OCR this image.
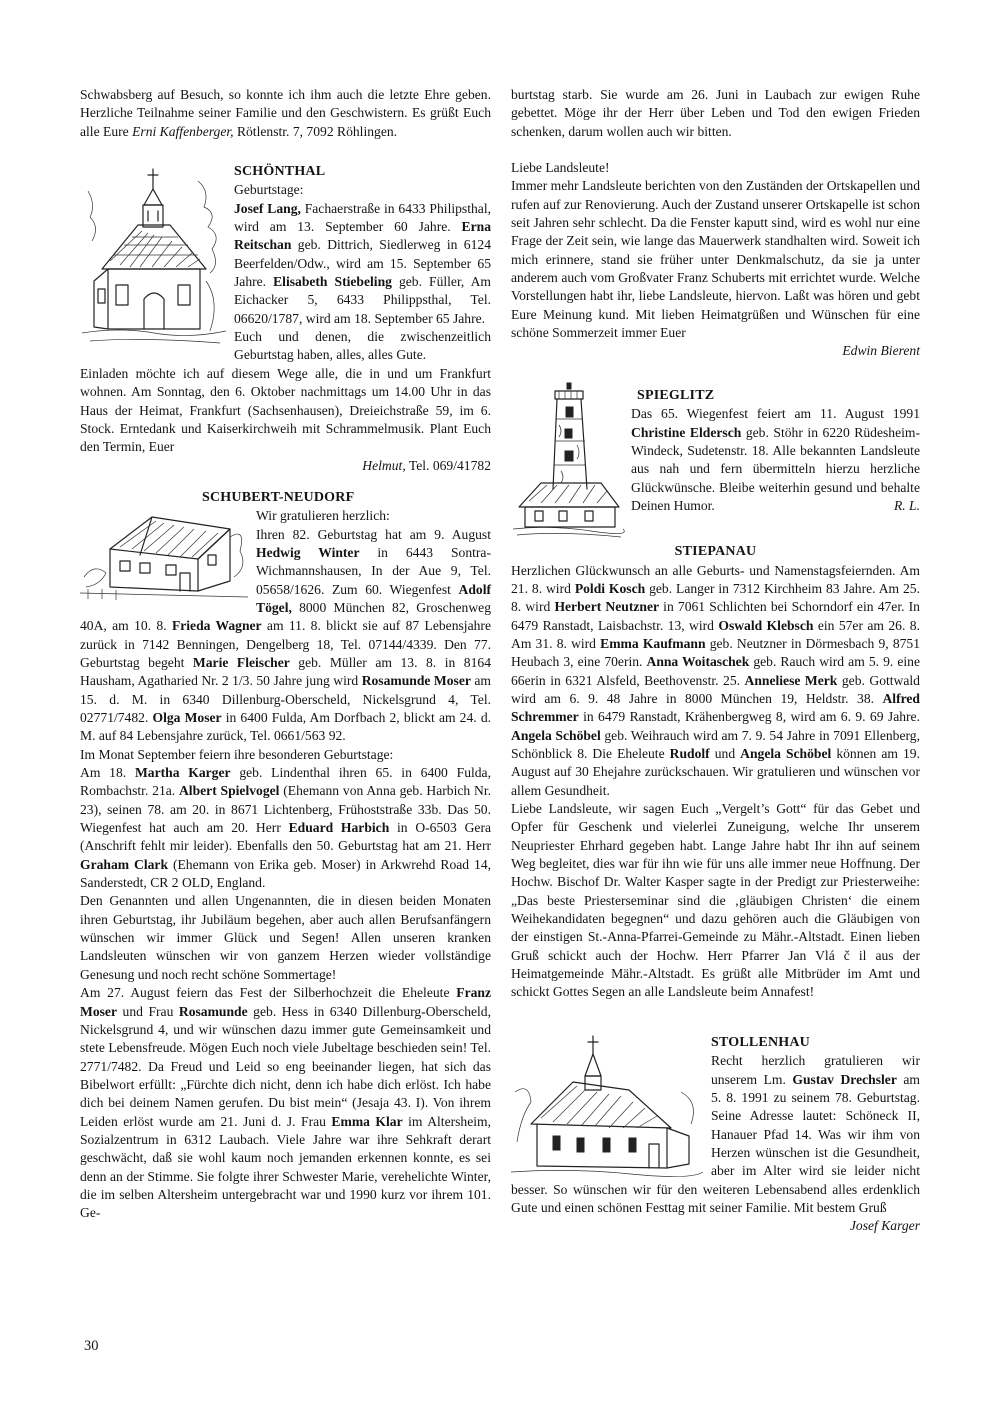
Schwabsberg auf Besuch, so konnte ich ihm auch die letzte Ehre geben. Herzliche Teilnahme seiner Familie und den Geschwistern. Es grüßt Euch alle Eure Erni Kaffenberger, Rötlenstr. 7, 7092 Röhlingen.

SCHÖNTHAL

Geburtstage:

Josef Lang, Fachaerstraße in 6433 Philipsthal, wird am 13. September 60 Jahre. Erna Reitschan geb. Dittrich, Siedlerweg in 6124 Beerfelden/Odw., wird am 15. September 65 Jahre. Elisabeth Stiebeling geb. Füller, Am Eichacker 5, 6433 Philippsthal, Tel. 06620/1787, wird am 18. September 65 Jahre.

Euch und denen, die zwischenzeitlich Geburtstag haben, alles, alles Gute.

Einladen möchte ich auf diesem Wege alle, die in und um Frankfurt wohnen. Am Sonntag, den 6. Oktober nachmittags um 14.00 Uhr in das Haus der Heimat, Frankfurt (Sachsenhausen), Dreieichstraße 59, im 6. Stock. Erntedank und Kaiserkirchweih mit Schrammelmusik. Plant Euch den Termin, Euer

Helmut, Tel. 069/41782

SCHUBERT-NEUDORF

Wir gratulieren herzlich:
Ihren 82. Geburtstag hat am 9. August Hedwig Winter in 6443 Sontra-Wichmannshausen, In der Aue 9, Tel. 05658/1626. Zum 60. Wiegenfest Adolf Tögel, 8000 München 82, Groschenweg 40A, am 10. 8. Frieda Wagner am 11. 8. blickt sie auf 87 Lebensjahre zurück in 7142 Benningen, Dengelberg 18, Tel. 07144/4339. Den 77. Geburtstag begeht Marie Fleischer geb. Müller am 13. 8. in 8164 Hausham, Agatharied Nr. 2 1/3. 50 Jahre jung wird Rosamunde Moser am 15. d. M. in 6340 Dillenburg-Oberscheld, Nickelsgrund 4, Tel. 02771/7482. Olga Moser in 6400 Fulda, Am Dorfbach 2, blickt am 24. d. M. auf 84 Lebensjahre zurück, Tel. 0661/563 92.

Im Monat September feiern ihre besonderen Geburtstage:
Am 18. Martha Karger geb. Lindenthal ihren 65. in 6400 Fulda, Rombachstr. 21a. Albert Spielvogel (Ehemann von Anna geb. Harbich Nr. 23), seinen 78. am 20. in 8671 Lichtenberg, Frühoststraße 33b. Das 50. Wiegenfest hat auch am 20. Herr Eduard Harbich in O-6503 Gera (Anschrift fehlt mir leider). Ebenfalls den 50. Geburtstag hat am 21. Herr Graham Clark (Ehemann von Erika geb. Moser) in Arkwrehd Road 14, Sanderstedt, CR 2 OLD, England.

Den Genannten und allen Ungenannten, die in diesen beiden Monaten ihren Geburtstag, ihr Jubiläum begehen, aber auch allen Berufsanfängern wünschen wir immer Glück und Segen! Allen unseren kranken Landsleuten wünschen wir von ganzem Herzen wieder vollständige Genesung und noch recht schöne Sommertage!

Am 27. August feiern das Fest der Silberhochzeit die Eheleute Franz Moser und Frau Rosamunde geb. Hess in 6340 Dillenburg-Oberscheld, Nickelsgrund 4, und wir wünschen dazu immer gute Gemeinsamkeit und stete Lebensfreude. Mögen Euch noch viele Jubeltage beschieden sein! Tel. 2771/7482. Da Freud und Leid so eng beeinander liegen, hat sich das Bibelwort erfüllt: „Fürchte dich nicht, denn ich habe dich erlöst. Ich habe dich bei deinem Namen gerufen. Du bist mein“ (Jesaja 43. I). Von ihrem Leiden erlöst wurde am 21. Juni d. J. Frau Emma Klar im Altersheim, Sozialzentrum in 6312 Laubach. Viele Jahre war ihre Sehkraft derart geschwächt, daß sie wohl kaum noch jemanden erkennen konnte, es sei denn an der Stimme. Sie folgte ihrer Schwester Marie, verehelichte Winter, die im selben Altersheim untergebracht war und 1990 kurz vor ihrem 101. Ge-

burtstag starb. Sie wurde am 26. Juni in Laubach zur ewigen Ruhe gebettet. Möge ihr der Herr über Leben und Tod den ewigen Frieden schenken, darum wollen auch wir bitten.

Liebe Landsleute!

Immer mehr Landsleute berichten von den Zuständen der Ortskapellen und rufen auf zur Renovierung. Auch der Zustand unserer Ortskapelle ist schon seit Jahren sehr schlecht. Da die Fenster kaputt sind, wird es wohl nur eine Frage der Zeit sein, wie lange das Mauerwerk standhalten wird. Soweit ich mich erinnere, stand sie früher unter Denkmalschutz, da sie ja unter anderem auch vom Großvater Franz Schuberts mit errichtet wurde. Welche Vorstellungen habt ihr, liebe Landsleute, hiervon. Laßt was hören und gebt Eure Meinung kund. Mit lieben Heimatgrüßen und Wünschen für eine schöne Sommerzeit immer Euer

Edwin Bierent

SPIEGLITZ

Das 65. Wiegenfest feiert am 11. August 1991 Christine Eldersch geb. Stöhr in 6220 Rüdesheim-Windeck, Sudetenstr. 18. Alle bekannten Landsleute aus nah und fern übermitteln hierzu herzliche Glückwünsche. Bleibe weiterhin gesund und behalte Deinen Humor.	R. L.

STIEPANAU

Herzlichen Glückwunsch an alle Geburts- und Namenstagsfeiernden. Am 21. 8. wird Poldi Kosch geb. Langer in 7312 Kirchheim 83 Jahre. Am 25. 8. wird Herbert Neutzner in 7061 Schlichten bei Schorndorf ein 47er. In 6479 Ranstadt, Laisbachstr. 13, wird Oswald Klebsch ein 57er am 26. 8. Am 31. 8. wird Emma Kaufmann geb. Neutzner in Dörmesbach 9, 8751 Heubach 3, eine 70erin. Anna Woitaschek geb. Rauch wird am 5. 9. eine 66erin in 6321 Alsfeld, Beethovenstr. 25. Anneliese Merk geb. Gottwald wird am 6. 9. 48 Jahre in 8000 München 19, Heldstr. 38. Alfred Schremmer in 6479 Ranstadt, Krähenbergweg 8, wird am 6. 9. 69 Jahre. Angela Schöbel geb. Weihrauch wird am 7. 9. 54 Jahre in 7091 Ellenberg, Schönblick 8. Die Eheleute Rudolf und Angela Schöbel können am 19. August auf 30 Ehejahre zurückschauen. Wir gratulieren und wünschen vor allem Gesundheit.

Liebe Landsleute, wir sagen Euch „Vergelt’s Gott“ für das Gebet und Opfer für Geschenk und vielerlei Zuneigung, welche Ihr unserem Neupriester Ehrhard gegeben habt. Lange Jahre habt Ihr ihn auf seinem Weg begleitet, dies war für ihn wie für uns alle immer neue Hoffnung. Der Hochw. Bischof Dr. Walter Kasper sagte in der Predigt zur Priesterweihe: „Das beste Priesterseminar sind die ‚gläubigen Christen‘ die einem Weihekandidaten begegnen“ und dazu gehören auch die Gläubigen von der einstigen St.-Anna-Pfarrei-Gemeinde zu Mähr.-Altstadt. Einen lieben Gruß schickt auch der Hochw. Herr Pfarrer Jan Vlá č il aus der Heimatgemeinde Mähr.-Altstadt. Es grüßt alle Mitbrüder im Amt und schickt Gottes Segen an alle Landsleute beim Annafest!

STOLLENHAU

Recht herzlich gratulieren wir unserem Lm. Gustav Drechsler am 5. 8. 1991 zu seinem 78. Geburtstag. Seine Adresse lautet: Schöneck II, Hanauer Pfad 14. Was wir ihm von Herzen wünschen ist die Gesundheit, aber im Alter wird sie leider nicht besser. So wünschen wir für den weiteren Lebensabend alles erdenklich Gute und einen schönen Festtag mit seiner Familie. Mit bestem Gruß
Josef Karger

30
